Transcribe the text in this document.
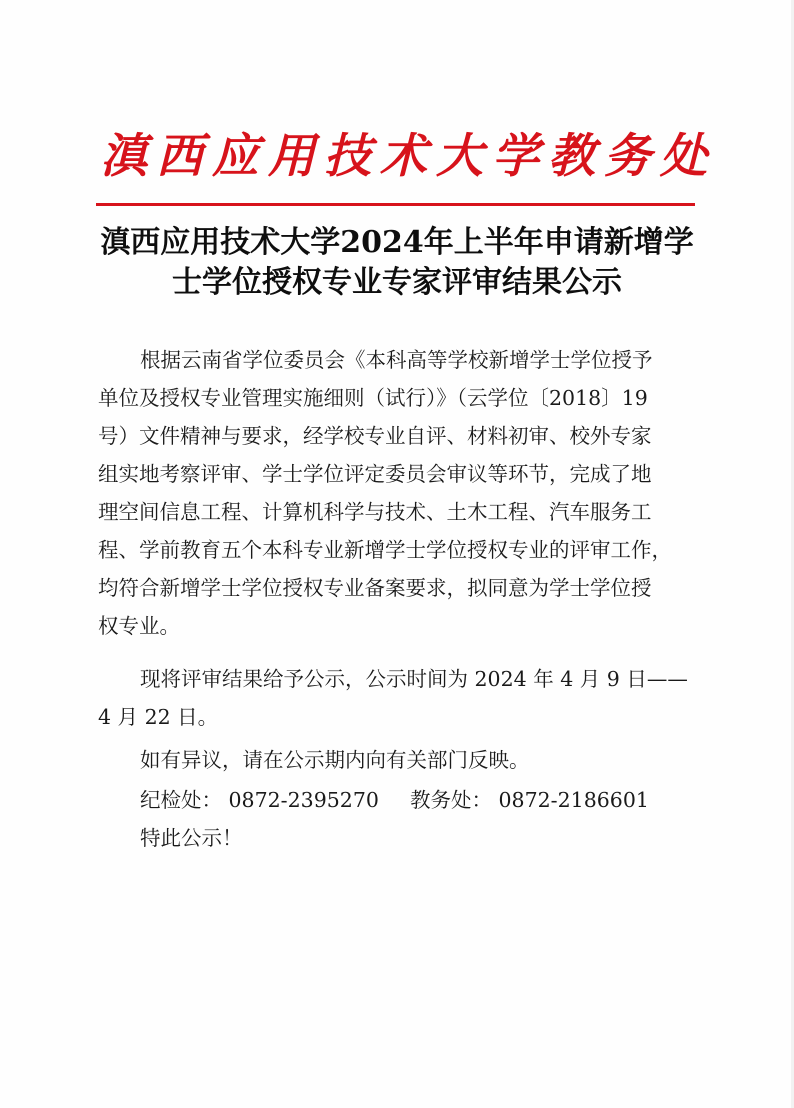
滇西应用技术大学教务处
滇西应用技术大学2024年上半年申请新增学
士学位授权专业专家评审结果公示
根据云南省学位委员会《本科高等学校新增学士学位授予
单位及授权专业管理实施细则（试行）》（云学位〔2018〕19
号）文件精神与要求，经学校专业自评、材料初审、校外专家
组实地考察评审、学士学位评定委员会审议等环节，完成了地
理空间信息工程、计算机科学与技术、土木工程、汽车服务工
程、学前教育五个本科专业新增学士学位授权专业的评审工作，
均符合新增学士学位授权专业备案要求，拟同意为学士学位授
权专业。
现将评审结果给予公示，公示时间为 2024 年 4 月 9 日——
4 月 22 日。
如有异议，请在公示期内向有关部门反映。
纪检处： 0872-2395270 教务处： 0872-2186601
特此公示！
